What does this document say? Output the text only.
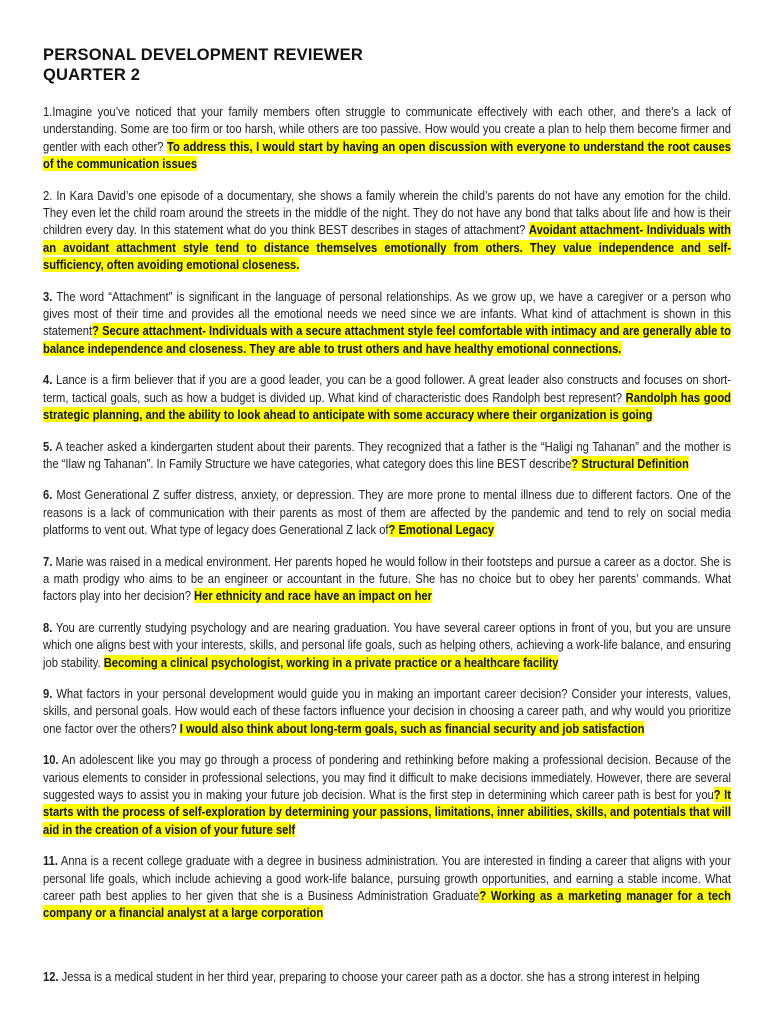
PERSONAL DEVELOPMENT REVIEWER
QUARTER 2

1.Imagine you’ve noticed that your family members often struggle to communicate effectively with each other, and there’s a lack of understanding. Some are too firm or too harsh, while others are too passive. How would you create a plan to help them become firmer and gentler with each other? To address this, I would start by having an open discussion with everyone to understand the root causes of the communication issues

2. In Kara David’s one episode of a documentary, she shows a family wherein the child’s parents do not have any emotion for the child. They even let the child roam around the streets in the middle of the night. They do not have any bond that talks about life and how is their children every day. In this statement what do you think BEST describes in stages of attachment? Avoidant attachment- Individuals with an avoidant attachment style tend to distance themselves emotionally from others. They value independence and self-sufficiency, often avoiding emotional closeness.

3. The word “Attachment” is significant in the language of personal relationships. As we grow up, we have a caregiver or a person who gives most of their time and provides all the emotional needs we need since we are infants. What kind of attachment is shown in this statement? Secure attachment- Individuals with a secure attachment style feel comfortable with intimacy and are generally able to balance independence and closeness. They are able to trust others and have healthy emotional connections.

4. Lance is a firm believer that if you are a good leader, you can be a good follower. A great leader also constructs and focuses on short-term, tactical goals, such as how a budget is divided up. What kind of characteristic does Randolph best represent? Randolph has good strategic planning, and the ability to look ahead to anticipate with some accuracy where their organization is going

5. A teacher asked a kindergarten student about their parents. They recognized that a father is the “Haligi ng Tahanan” and the mother is the “Ilaw ng Tahanan”. In Family Structure we have categories, what category does this line BEST describe? Structural Definition

6. Most Generational Z suffer distress, anxiety, or depression. They are more prone to mental illness due to different factors. One of the reasons is a lack of communication with their parents as most of them are affected by the pandemic and tend to rely on social media platforms to vent out. What type of legacy does Generational Z lack of? Emotional Legacy

7. Marie was raised in a medical environment. Her parents hoped he would follow in their footsteps and pursue a career as a doctor. She is a math prodigy who aims to be an engineer or accountant in the future. She has no choice but to obey her parents’ commands. What factors play into her decision? Her ethnicity and race have an impact on her

8. You are currently studying psychology and are nearing graduation. You have several career options in front of you, but you are unsure which one aligns best with your interests, skills, and personal life goals, such as helping others, achieving a work-life balance, and ensuring job stability. Becoming a clinical psychologist, working in a private practice or a healthcare facility

9. What factors in your personal development would guide you in making an important career decision? Consider your interests, values, skills, and personal goals. How would each of these factors influence your decision in choosing a career path, and why would you prioritize one factor over the others? I would also think about long-term goals, such as financial security and job satisfaction

10. An adolescent like you may go through a process of pondering and rethinking before making a professional decision. Because of the various elements to consider in professional selections, you may find it difficult to make decisions immediately. However, there are several suggested ways to assist you in making your future job decision. What is the first step in determining which career path is best for you? It starts with the process of self-exploration by determining your passions, limitations, inner abilities, skills, and potentials that will aid in the creation of a vision of your future self

11. Anna is a recent college graduate with a degree in business administration. You are interested in finding a career that aligns with your personal life goals, which include achieving a good work-life balance, pursuing growth opportunities, and earning a stable income. What career path best applies to her given that she is a Business Administration Graduate? Working as a marketing manager for a tech company or a financial analyst at a large corporation

12. Jessa is a medical student in her third year, preparing to choose your career path as a doctor. she has a strong interest in helping
